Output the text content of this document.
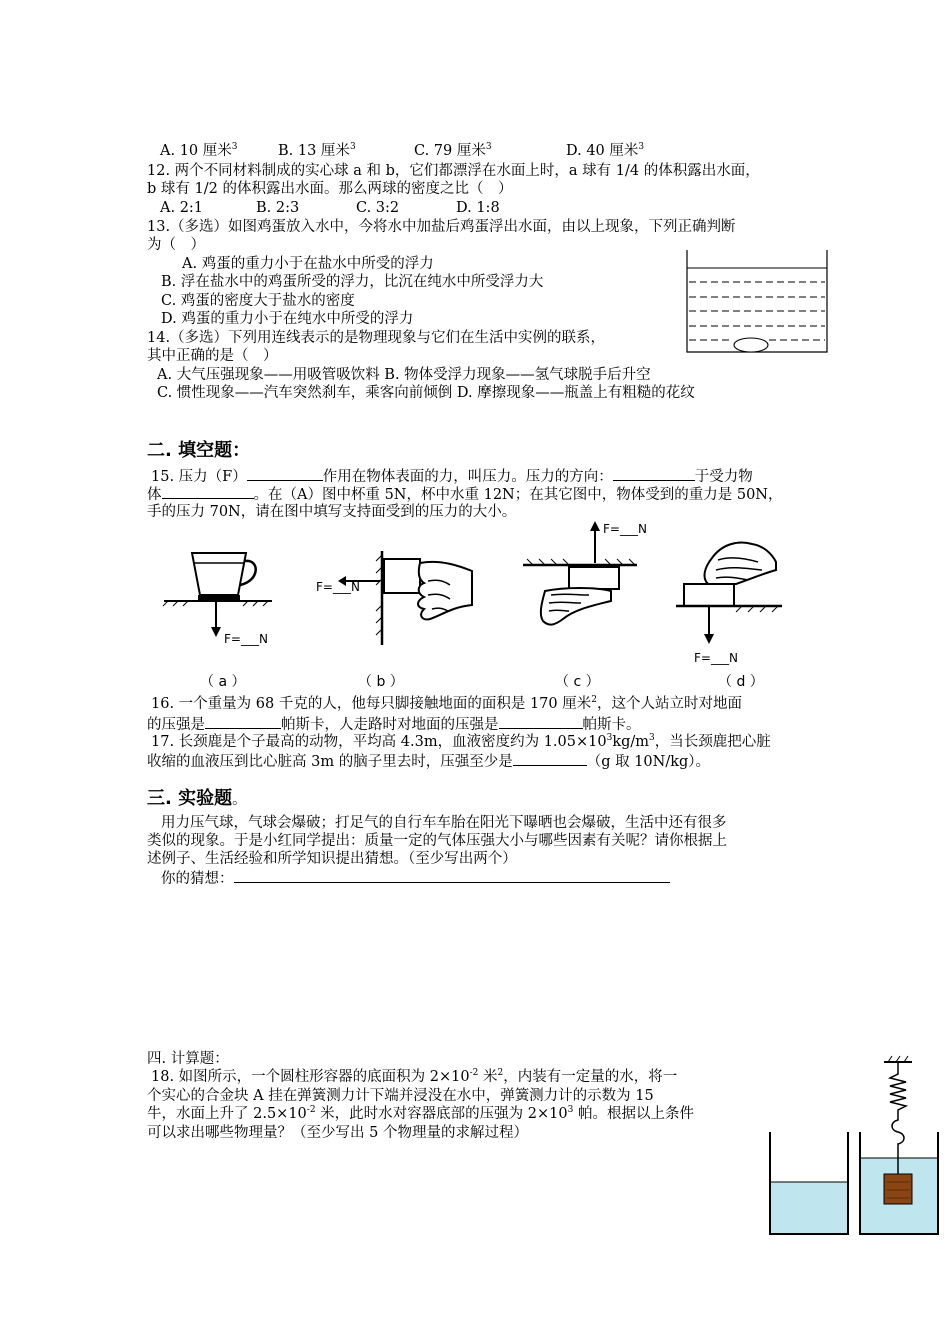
A. 10 厘米$^3$	B. 13 厘米$^3$	C. 79 厘米$^3$	D. 40 厘米$^3$
12. 两个不同材料制成的实心球 a 和 b，它们都漂浮在水面上时，a 球有 1/4 的体积露出水面，
b 球有 1/2 的体积露出水面。那么两球的密度之比（　）
A. 2:1	B. 2:3	C. 3:2	D. 1:8
13.（多选）如图鸡蛋放入水中，今将水中加盐后鸡蛋浮出水面，由以上现象，下列正确判断
为（　）
A. 鸡蛋的重力小于在盐水中所受的浮力
B. 浮在盐水中的鸡蛋所受的浮力，比沉在纯水中所受浮力大
C. 鸡蛋的密度大于盐水的密度
D. 鸡蛋的重力小于在纯水中所受的浮力
14.（多选）下列用连线表示的是物理现象与它们在生活中实例的联系，
其中正确的是（　）
A. 大气压强现象——用吸管吸饮料 B. 物体受浮力现象——氢气球脱手后升空
C. 惯性现象——汽车突然刹车，乘客向前倾倒 D. 摩擦现象——瓶盖上有粗糙的花纹
二. 填空题：
15. 压力（F）	作用在物体表面的力，叫压力。压力的方向：	于受力物
体	。在（A）图中杯重 5N，杯中水重 12N；在其它图中，物体受到的重力是 50N，
手的压力 70N，请在图中填写支持面受到的压力的大小。
F=___N
F=___N
F=___N
F=___N
（ a ）	（ b ）	（ c ）	（ d ）
16. 一个重量为 68 千克的人，他每只脚接触地面的面积是 170 厘米$^2$，这个人站立时对地面
的压强是	帕斯卡，人走路时对地面的压强是	帕斯卡。
17. 长颈鹿是个子最高的动物，平均高 4.3m，血液密度约为 $1.05\times 10^3kg/m^3$，当长颈鹿把心脏
收缩的血液压到比心脏高 3m 的脑子里去时，压强至少是	（g 取 10N/kg）。
三. 实验题。
用力压气球，气球会爆破；打足气的自行车车胎在阳光下曝晒也会爆破，生活中还有很多
类似的现象。于是小红同学提出：质量一定的气体压强大小与哪些因素有关呢？请你根据上
述例子、生活经验和所学知识提出猜想。（至少写出两个）
你的猜想：
四. 计算题：
18. 如图所示，一个圆柱形容器的底面积为 $2\times 10^{-2}$ 米$^2$，内装有一定量的水，将一
个实心的合金块 A 挂在弹簧测力计下端并浸没在水中，弹簧测力计的示数为 15
牛，水面上升了 $2.5\times 10^{-2}$ 米，此时水对容器底部的压强为 $2\times 10^3$ 帕。根据以上条件
可以求出哪些物理量？（至少写出 5 个物理量的求解过程）
